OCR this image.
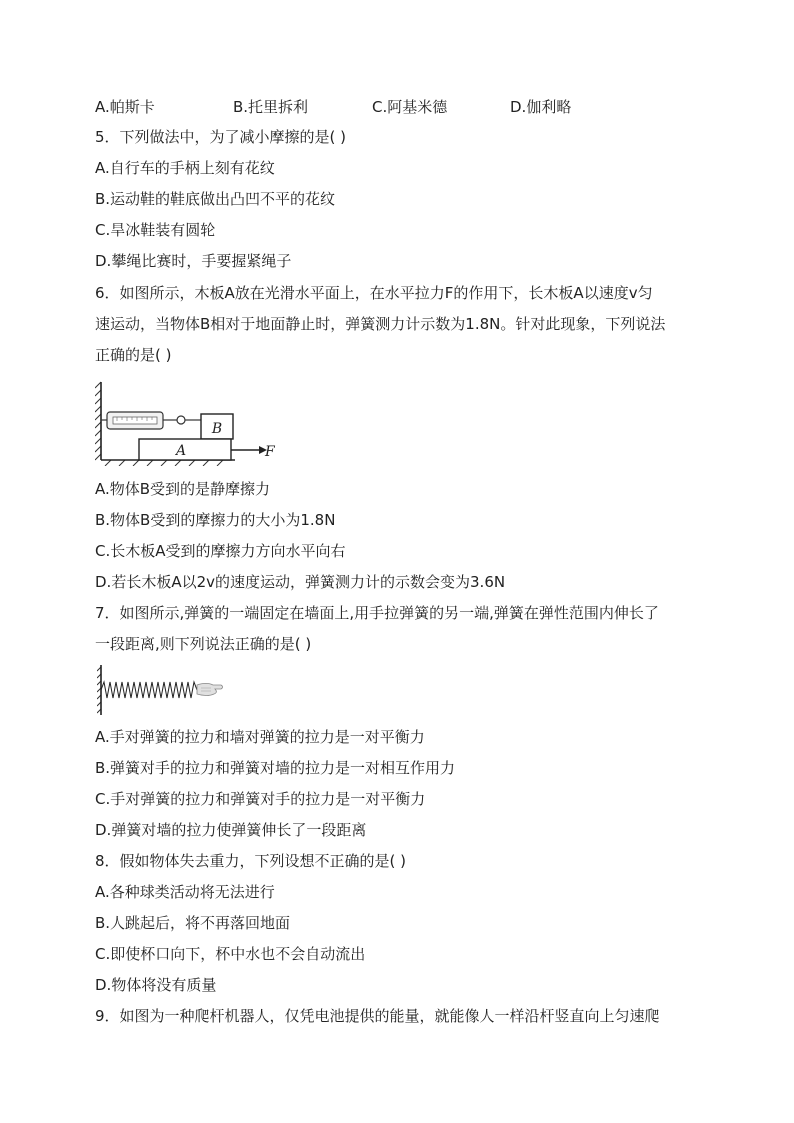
A.帕斯卡	B.托里拆利	C.阿基米德	D.伽利略
5．下列做法中，为了减小摩擦的是( )
A.自行车的手柄上刻有花纹
B.运动鞋的鞋底做出凸凹不平的花纹
C.旱冰鞋装有圆轮
D.攀绳比赛时，手要握紧绳子
6．如图所示，木板A放在光滑水平面上，在水平拉力F的作用下，长木板A以速度v匀
速运动，当物体B相对于地面静止时，弹簧测力计示数为1.8N。针对此现象，下列说法
正确的是( )
B
A	F
A.物体B受到的是静摩擦力
B.物体B受到的摩擦力的大小为1.8N
C.长木板A受到的摩擦力方向水平向右
D.若长木板A以2v的速度运动，弹簧测力计的示数会变为3.6N
7．如图所示,弹簧的一端固定在墙面上,用手拉弹簧的另一端,弹簧在弹性范围内伸长了
一段距离,则下列说法正确的是( )
A.手对弹簧的拉力和墙对弹簧的拉力是一对平衡力
B.弹簧对手的拉力和弹簧对墙的拉力是一对相互作用力
C.手对弹簧的拉力和弹簧对手的拉力是一对平衡力
D.弹簧对墙的拉力使弹簧伸长了一段距离
8．假如物体失去重力，下列设想不正确的是( )
A.各种球类活动将无法进行
B.人跳起后，将不再落回地面
C.即使杯口向下，杯中水也不会自动流出
D.物体将没有质量
9．如图为一种爬杆机器人，仅凭电池提供的能量，就能像人一样沿杆竖直向上匀速爬
